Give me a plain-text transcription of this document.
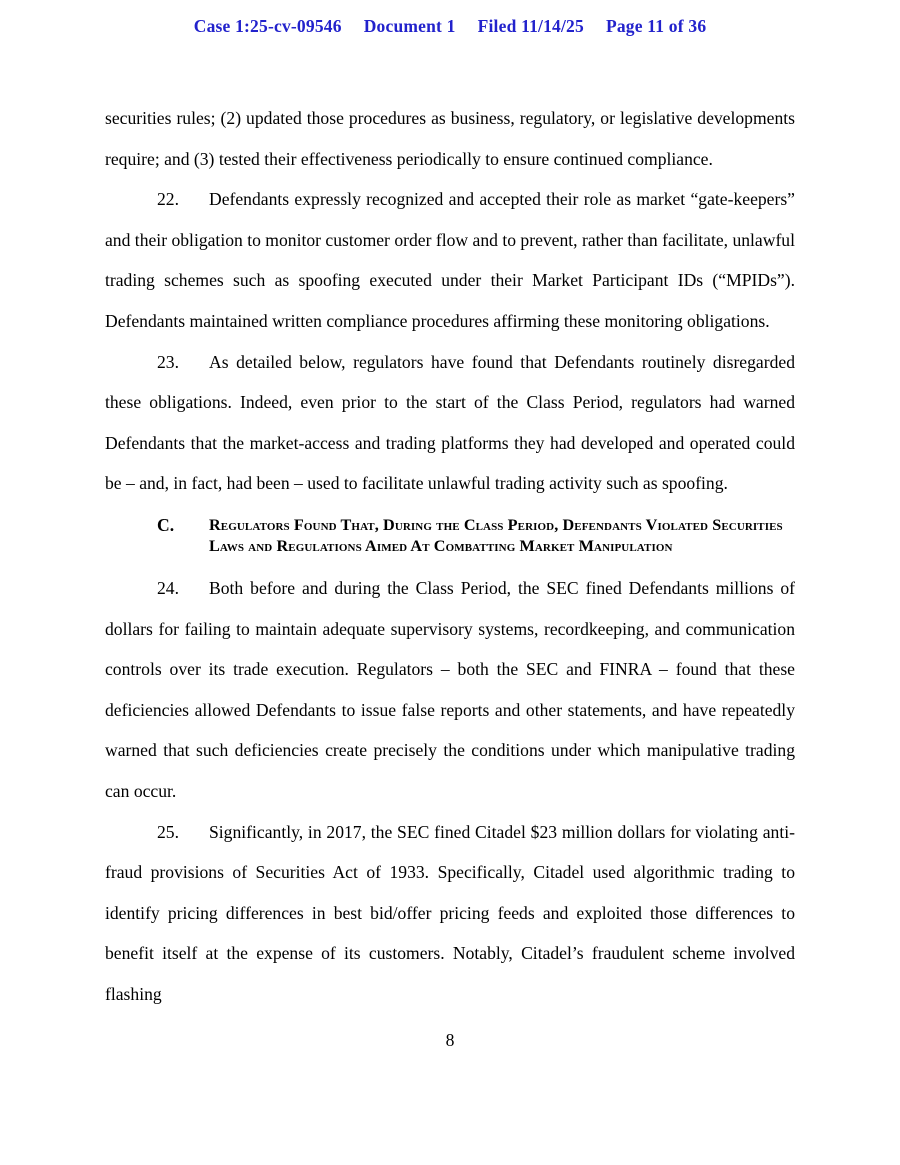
Case 1:25-cv-09546 Document 1 Filed 11/14/25 Page 11 of 36

securities rules; (2) updated those procedures as business, regulatory, or legislative developments require; and (3) tested their effectiveness periodically to ensure continued compliance.

22. Defendants expressly recognized and accepted their role as market “gate-keepers” and their obligation to monitor customer order flow and to prevent, rather than facilitate, unlawful trading schemes such as spoofing executed under their Market Participant IDs (“MPIDs”). Defendants maintained written compliance procedures affirming these monitoring obligations.

23. As detailed below, regulators have found that Defendants routinely disregarded these obligations. Indeed, even prior to the start of the Class Period, regulators had warned Defendants that the market-access and trading platforms they had developed and operated could be – and, in fact, had been – used to facilitate unlawful trading activity such as spoofing.

C.	Regulators Found That, During the Class Period, Defendants Violated Securities Laws and Regulations Aimed At Combatting Market Manipulation

24. Both before and during the Class Period, the SEC fined Defendants millions of dollars for failing to maintain adequate supervisory systems, recordkeeping, and communication controls over its trade execution. Regulators – both the SEC and FINRA – found that these deficiencies allowed Defendants to issue false reports and other statements, and have repeatedly warned that such deficiencies create precisely the conditions under which manipulative trading can occur.

25. Significantly, in 2017, the SEC fined Citadel $23 million dollars for violating anti-fraud provisions of Securities Act of 1933. Specifically, Citadel used algorithmic trading to identify pricing differences in best bid/offer pricing feeds and exploited those differences to benefit itself at the expense of its customers. Notably, Citadel’s fraudulent scheme involved flashing

8
